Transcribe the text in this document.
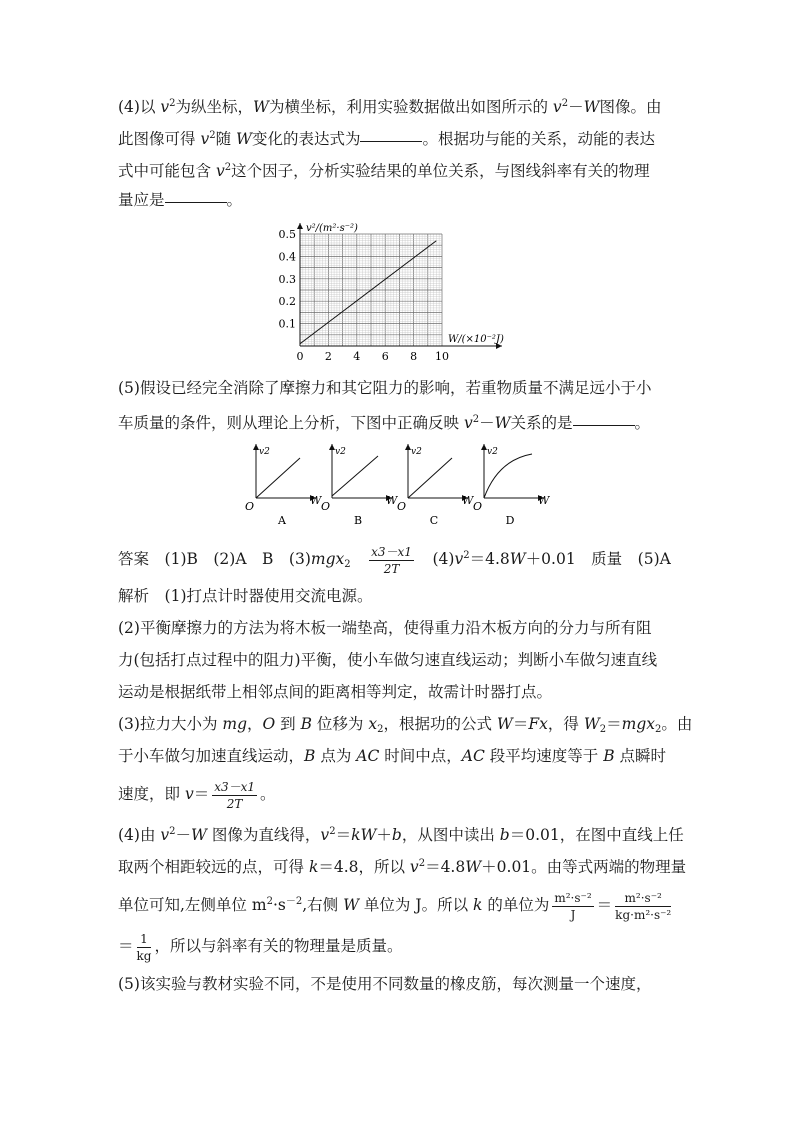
(4)以 $v^2$为纵坐标，W为横坐标，利用实验数据做出如图所示的 $v^2-W$图像。由
此图像可得 $v^2$随 W变化的表达式为	。根据功与能的关系，动能的表达
式中可能包含 $v^2$这个因子，分析实验结果的单位关系，与图线斜率有关的物理
量应是	。
0 2 4 6 8 10
0.1
0.2
0.3
0.4
0.5 v²/(m²·s⁻²)
W/(×10⁻²J)
(5)假设已经完全消除了摩擦力和其它阻力的影响，若重物质量不满足远小于小
车质量的条件，则从理论上分析，下图中正确反映 $v^2-W$关系的是	。
v2
W
O
A
v2
W
O
B
v2
W
O
C
v2
W
O
D
答案　 (1)B　(2)A　B　(3)mgx$_2$　 $\frac{x3-x1}{2T}$
　 $(4)v^2=4.8W+0.01$　质量　(5)A
解析　 (1)打点计时器使用交流电源。
(2)平衡摩擦力的方法为将木板一端垫高，使得重力沿木板方向的分力与所有阻
力(包括打点过程中的阻力)平衡，使小车做匀速直线运动；判断小车做匀速直线
运动是根据纸带上相邻点间的距离相等判定，故需计时器打点。
(3)拉力大小为 mg，O 到 B 位移为 $x_2$，根据功的公式 W＝Fx，得 $W_2=mgx_2$。由
于小车做匀加速直线运动，B 点为 AC 时间中点，AC 段平均速度等于 B 点瞬时
速度，即 $v= \frac{x3-x1}{2T}$ 。
(4)由 $v^2-W$ 图像为直线得，$v^2=kW+b$，从图中读出 b＝0.01，在图中直线上任
取两个相距较远的点，可得 k＝4.8，所以 $v^2=4.8W+0.01$。由等式两端的物理量
单位可知,左侧单位 $m^2\cdot s^{-2}$,右侧 W 单位为 J。所以 k 的单位为 $\frac{\text{m²·s⁻²}}{J} = \frac{\text{m²·s⁻²}}{\text{kg·m²·s⁻²}}$
＝ $\frac{1}{kg}$ ，所以与斜率有关的物理量是质量。
(5)该实验与教材实验不同，不是使用不同数量的橡皮筋，每次测量一个速度，
